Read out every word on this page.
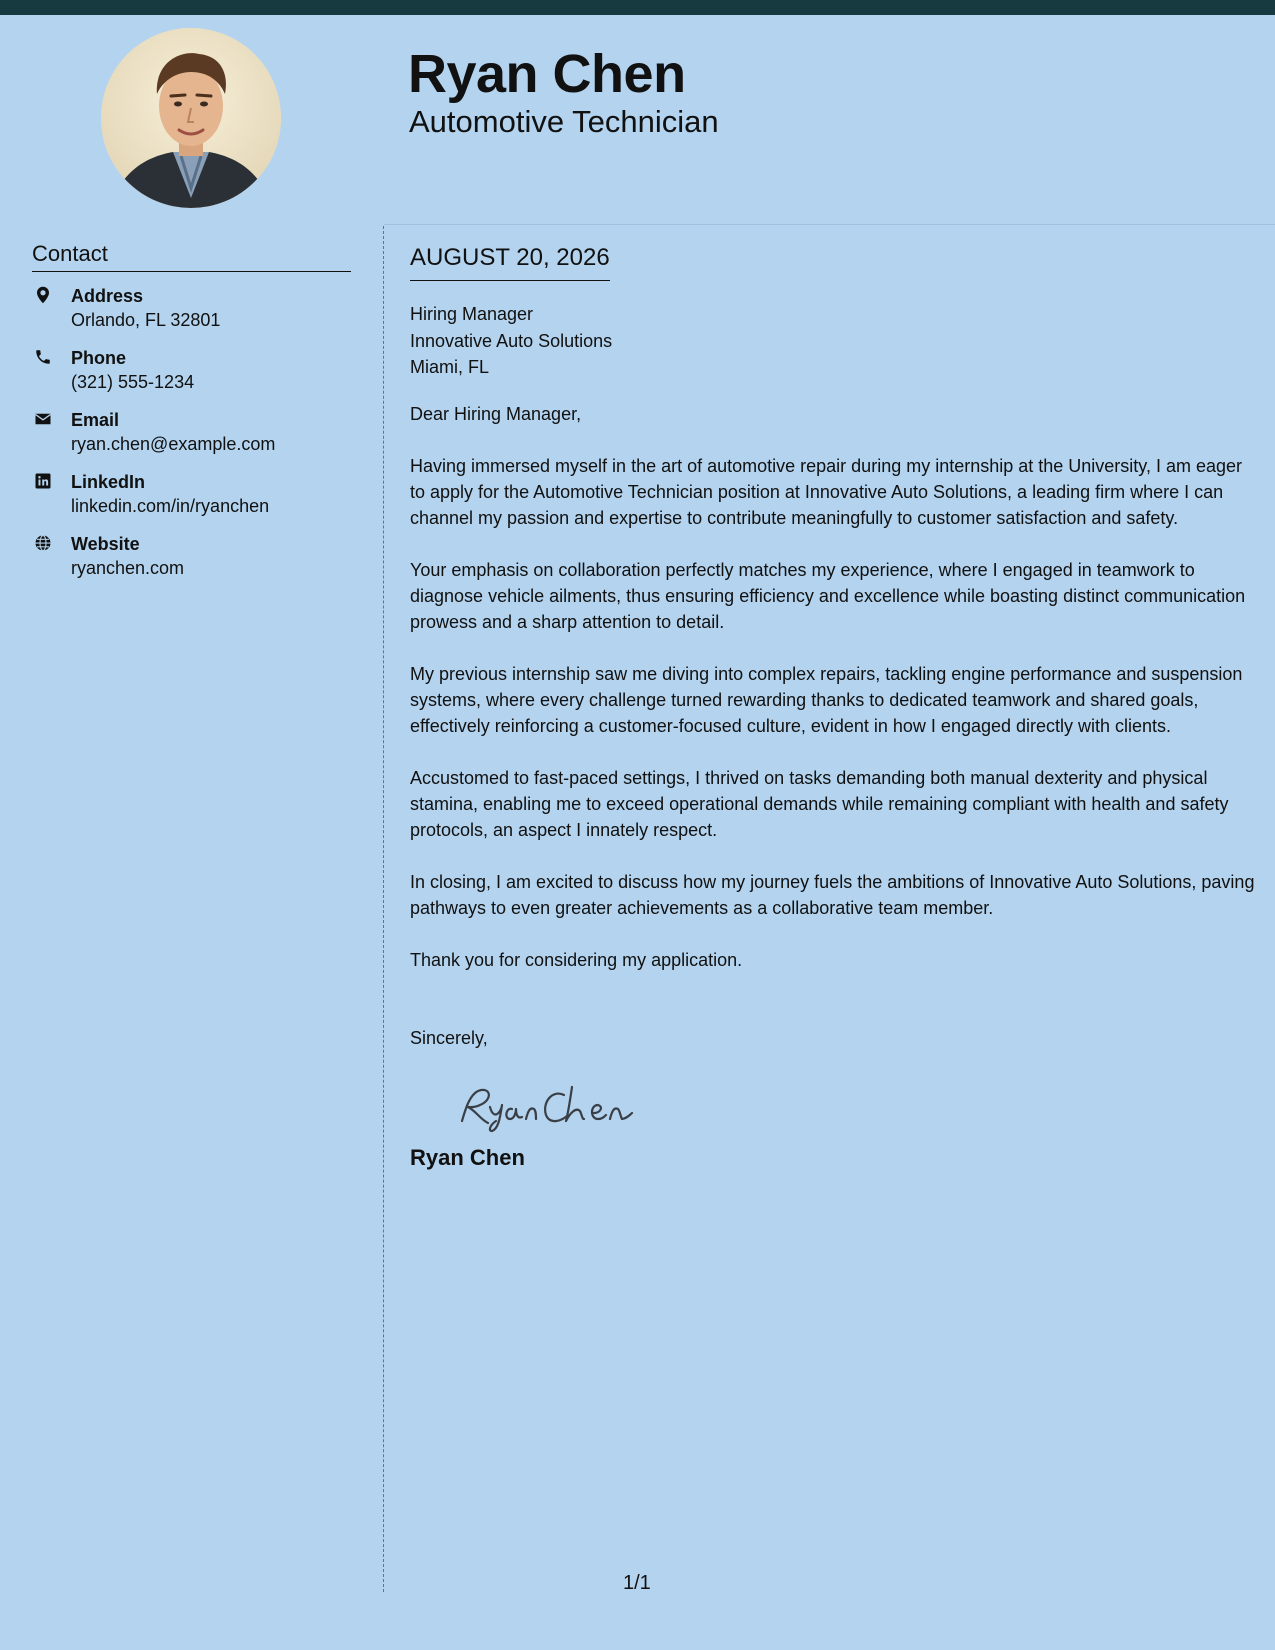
Ryan Chen
Automotive Technician
Contact
Address
Orlando, FL 32801
Phone
(321) 555-1234
Email
ryan.chen@example.com
LinkedIn
linkedin.com/in/ryanchen
Website
ryanchen.com
AUGUST 20, 2026
Hiring Manager
Innovative Auto Solutions
Miami, FL
Dear Hiring Manager,

Having immersed myself in the art of automotive repair during my internship at the University, I am eager to apply for the Automotive Technician position at Innovative Auto Solutions, a leading firm where I can channel my passion and expertise to contribute meaningfully to customer satisfaction and safety.

Your emphasis on collaboration perfectly matches my experience, where I engaged in teamwork to diagnose vehicle ailments, thus ensuring efficiency and excellence while boasting distinct communication prowess and a sharp attention to detail.

My previous internship saw me diving into complex repairs, tackling engine performance and suspension systems, where every challenge turned rewarding thanks to dedicated teamwork and shared goals, effectively reinforcing a customer-focused culture, evident in how I engaged directly with clients.

Accustomed to fast-paced settings, I thrived on tasks demanding both manual dexterity and physical stamina, enabling me to exceed operational demands while remaining compliant with health and safety protocols, an aspect I innately respect.

In closing, I am excited to discuss how my journey fuels the ambitions of Innovative Auto Solutions, paving pathways to even greater achievements as a collaborative team member.

Thank you for considering my application.

Sincerely,
Ryan Chen
1/1
